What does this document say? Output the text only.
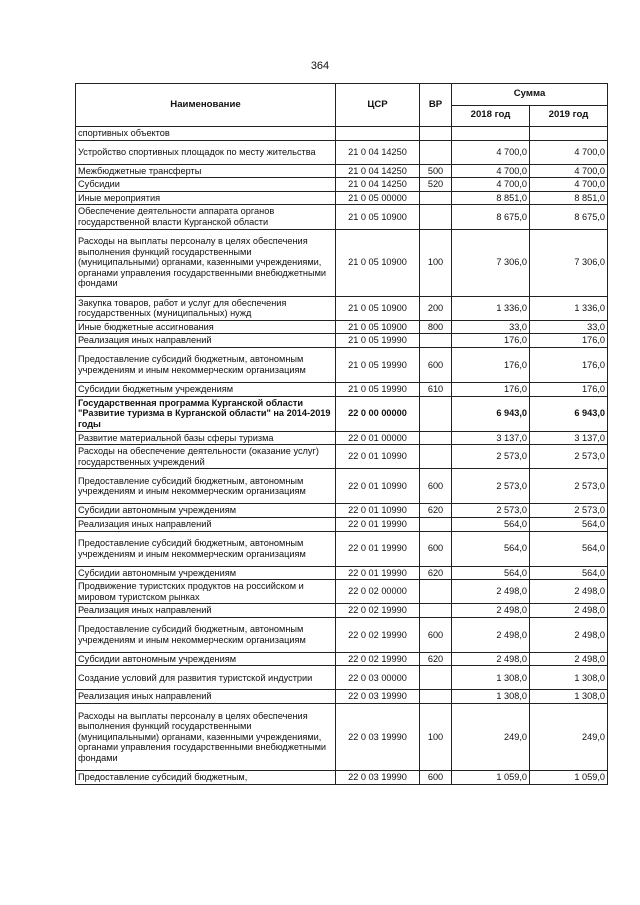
364
Наименование	ЦСР	ВР	Сумма	
			2018 год	2019 год
спортивных объектов				
Устройство спортивных площадок по месту жительства	21 0 04 14250		4 700,0	4 700,0
Межбюджетные трансферты	21 0 04 14250	500	4 700,0	4 700,0
Субсидии	21 0 04 14250	520	4 700,0	4 700,0
Иные мероприятия	21 0 05 00000		8 851,0	8 851,0
Обеспечение деятельности аппарата органов государственной власти Курганской области	21 0 05 10900		8 675,0	8 675,0
Расходы на выплаты персоналу в целях обеспечения выполнения функций государственными (муниципальными) органами, казенными учреждениями, органами управления государственными внебюджетными фондами	21 0 05 10900	100	7 306,0	7 306,0
Закупка товаров, работ и услуг для обеспечения государственных (муниципальных) нужд	21 0 05 10900	200	1 336,0	1 336,0
Иные бюджетные ассигнования	21 0 05 10900	800	33,0	33,0
Реализация иных направлений	21 0 05 19990		176,0	176,0
Предоставление субсидий бюджетным, автономным учреждениям и иным некоммерческим организациям	21 0 05 19990	600	176,0	176,0
Субсидии бюджетным учреждениям	21 0 05 19990	610	176,0	176,0
Государственная программа Курганской области "Развитие туризма в Курганской области" на 2014-2019 годы	22 0 00 00000		6 943,0	6 943,0
Развитие материальной базы сферы туризма	22 0 01 00000		3 137,0	3 137,0
Расходы на обеспечение деятельности (оказание услуг) государственных учреждений	22 0 01 10990		2 573,0	2 573,0
Предоставление субсидий бюджетным, автономным учреждениям и иным некоммерческим организациям	22 0 01 10990	600	2 573,0	2 573,0
Субсидии автономным учреждениям	22 0 01 10990	620	2 573,0	2 573,0
Реализация иных направлений	22 0 01 19990		564,0	564,0
Предоставление субсидий бюджетным, автономным учреждениям и иным некоммерческим организациям	22 0 01 19990	600	564,0	564,0
Субсидии автономным учреждениям	22 0 01 19990	620	564,0	564,0
Продвижение туристских продуктов на российском и мировом туристском рынках	22 0 02 00000		2 498,0	2 498,0
Реализация иных направлений	22 0 02 19990		2 498,0	2 498,0
Предоставление субсидий бюджетным, автономным учреждениям и иным некоммерческим организациям	22 0 02 19990	600	2 498,0	2 498,0
Субсидии автономным учреждениям	22 0 02 19990	620	2 498,0	2 498,0
Создание условий для развития туристской индустрии	22 0 03 00000		1 308,0	1 308,0
Реализация иных направлений	22 0 03 19990		1 308,0	1 308,0
Расходы на выплаты персоналу в целях обеспечения выполнения функций государственными (муниципальными) органами, казенными учреждениями, органами управления государственными внебюджетными фондами	22 0 03 19990	100	249,0	249,0
Предоставление субсидий бюджетным,	22 0 03 19990	600	1 059,0	1 059,0
